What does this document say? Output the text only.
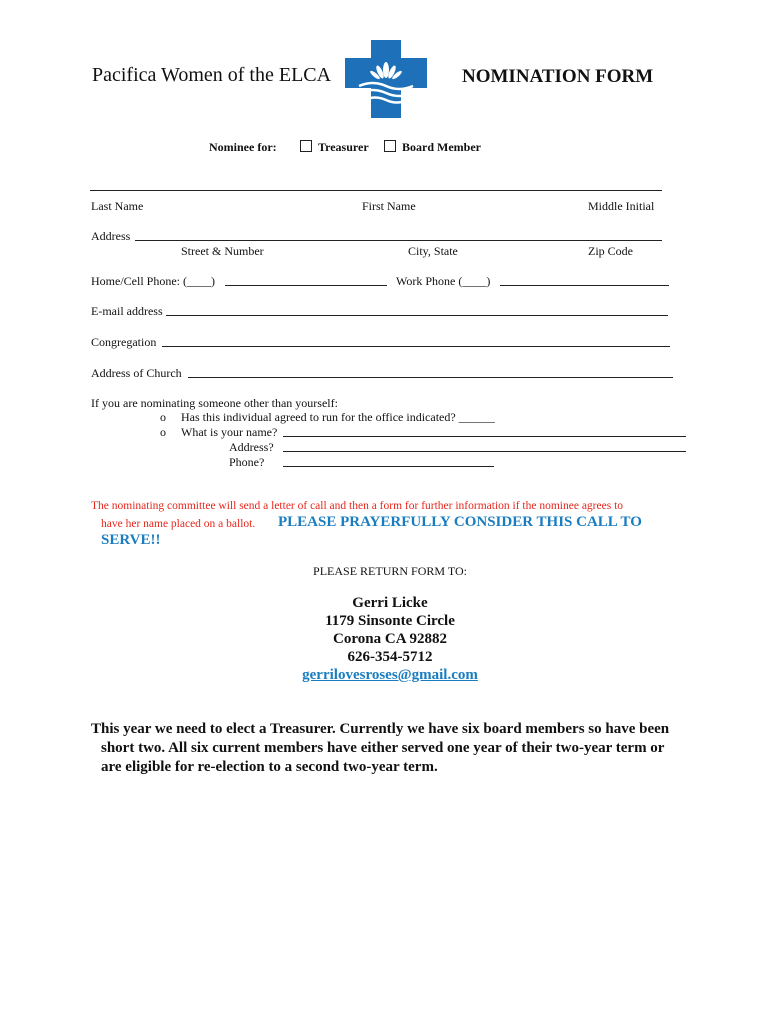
Pacifica Women of the ELCA	NOMINATION FORM
Nominee for:	Treasurer	Board Member
Last Name	First Name	Middle Initial
Address
Street & Number	City, State	Zip Code
Home/Cell Phone: (____)	Work Phone (____)
E-mail address
Congregation
Address of Church
If you are nominating someone other than yourself:
o Has this individual agreed to run for the office indicated? ______
o What is your name?
Address?
Phone?
The nominating committee will send a letter of call and then a form for further information if the nominee agrees to
have her name placed on a ballot. PLEASE PRAYERFULLY CONSIDER THIS CALL TO
SERVE!!
PLEASE RETURN FORM TO:
Gerri Licke
1179 Sinsonte Circle
Corona CA 92882
626-354-5712
gerrilovesroses@gmail.com
This year we need to elect a Treasurer. Currently we have six board members so have been
short two. All six current members have either served one year of their two-year term or
are eligible for re-election to a second two-year term.
